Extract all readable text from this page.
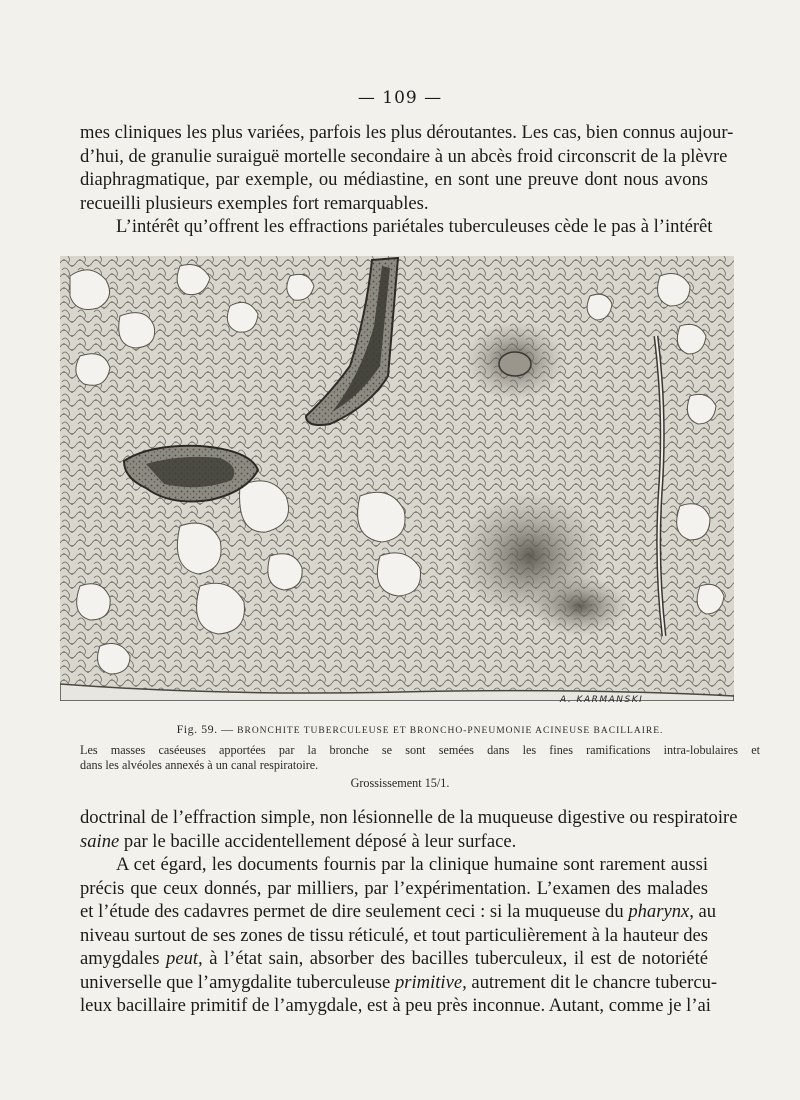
— 109 —
mes cliniques les plus variées, parfois les plus déroutantes. Les cas, bien connus aujour-
d’hui, de granulie suraiguë mortelle secondaire à un abcès froid circonscrit de la plèvre
diaphragmatique, par exemple, ou médiastine, en sont une preuve dont nous avons
recueilli plusieurs exemples fort remarquables.
L’intérêt qu’offrent les effractions pariétales tuberculeuses cède le pas à l’intérêt
A. KARMANSKI
Fig. 59. — BRONCHITE TUBERCULEUSE ET BRONCHO-PNEUMONIE ACINEUSE BACILLAIRE.
Les masses caséeuses apportées par la bronche se sont semées dans les fines ramifications intra-lobulaires et
dans les alvéoles annexés à un canal respiratoire.
Grossissement 15/1.
doctrinal de l’effraction simple, non lésionnelle de la muqueuse digestive ou respiratoire
saine par le bacille accidentellement déposé à leur surface.
A cet égard, les documents fournis par la clinique humaine sont rarement aussi
précis que ceux donnés, par milliers, par l’expérimentation. L’examen des malades
et l’étude des cadavres permet de dire seulement ceci : si la muqueuse du pharynx, au
niveau surtout de ses zones de tissu réticulé, et tout particulièrement à la hauteur des
amygdales peut, à l’état sain, absorber des bacilles tuberculeux, il est de notoriété
universelle que l’amygdalite tuberculeuse primitive, autrement dit le chancre tubercu-
leux bacillaire primitif de l’amygdale, est à peu près inconnue. Autant, comme je l’ai
